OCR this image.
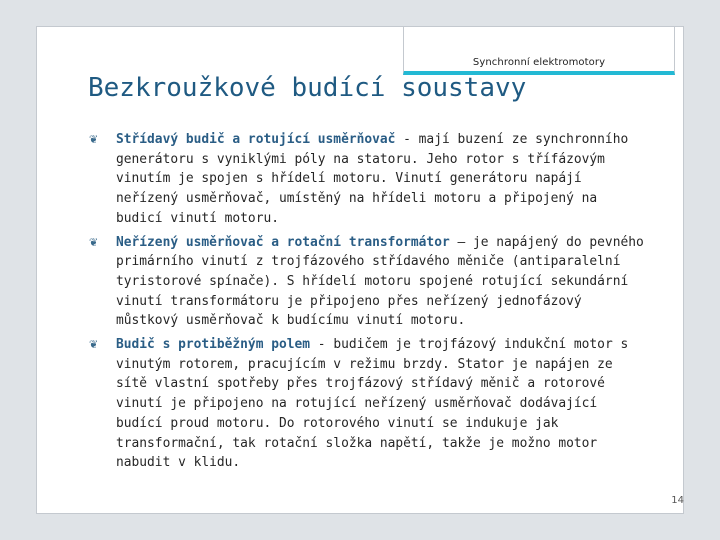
Synchronní elektromotory
Bezkroužkové budící soustavy
❦ Střídavý budič a rotující usměrňovač - mají buzení ze synchronního generátoru s vyniklými póly na statoru. Jeho rotor s třífázovým vinutím je spojen s hřídelí motoru. Vinutí generátoru napájí neřízený usměrňovač, umístěný na hřídeli motoru a připojený na budicí vinutí motoru.
❦ Neřízený usměrňovač a rotační transformátor – je napájený do pevného primárního vinutí z trojfázového střídavého měniče (antiparalelní tyristorové spínače). S hřídelí motoru spojené rotující sekundární vinutí transformátoru je připojeno přes neřízený jednofázový můstkový usměrňovač k budícímu vinutí motoru.
❦ Budič s protiběžným polem - budičem je trojfázový indukční motor s vinutým rotorem, pracujícím v režimu brzdy. Stator je napájen ze sítě vlastní spotřeby přes trojfázový střídavý měnič a rotorové vinutí je připojeno na rotující neřízený usměrňovač dodávající budící proud motoru. Do rotorového vinutí se indukuje jak transformační, tak rotační složka napětí, takže je možno motor nabudit v klidu.
14
